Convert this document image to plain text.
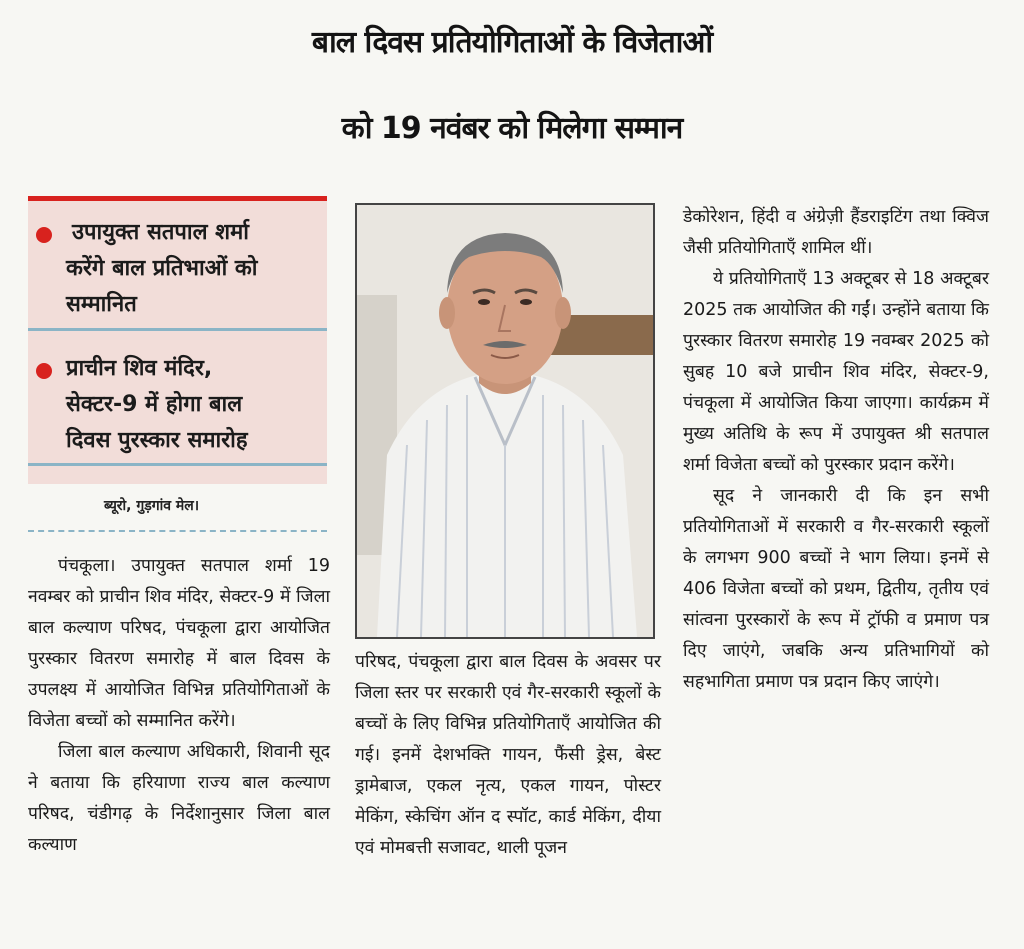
बाल दिवस प्रतियोगिताओं के विजेताओं
को 19 नवंबर को मिलेगा सम्मान
उपायुक्त सतपाल शर्मा
करेंगे बाल प्रतिभाओं को
सम्मानित
प्राचीन शिव मंदिर,
सेक्टर-9 में होगा बाल
दिवस पुरस्कार समारोह
ब्यूरो, गुड़गांव मेल।

पंचकूला। उपायुक्त सतपाल शर्मा 19 नवम्बर को प्राचीन शिव मंदिर, सेक्टर-9 में जिला बाल कल्याण परिषद, पंचकूला द्वारा आयोजित पुरस्कार वितरण समारोह में बाल दिवस के उपलक्ष्य में आयोजित विभिन्न प्रतियोगिताओं के विजेता बच्चों को सम्मानित करेंगे।

जिला बाल कल्याण अधिकारी, शिवानी सूद ने बताया कि हरियाणा राज्य बाल कल्याण परिषद, चंडीगढ़ के निर्देशानुसार जिला बाल कल्याण

परिषद, पंचकूला द्वारा बाल दिवस के अवसर पर जिला स्तर पर सरकारी एवं गैर-सरकारी स्कूलों के बच्चों के लिए विभिन्न प्रतियोगिताएँ आयोजित की गई। इनमें देशभक्ति गायन, फैंसी ड्रेस, बेस्ट ड्रामेबाज, एकल नृत्य, एकल गायन, पोस्टर मेकिंग, स्केचिंग ऑन द स्पॉट, कार्ड मेकिंग, दीया एवं मोमबत्ती सजावट, थाली पूजन

डेकोरेशन, हिंदी व अंग्रेज़ी हैंडराइटिंग तथा क्विज जैसी प्रतियोगिताएँ शामिल थीं।

ये प्रतियोगिताएँ 13 अक्टूबर से 18 अक्टूबर 2025 तक आयोजित की गईं। उन्होंने बताया कि पुरस्कार वितरण समारोह 19 नवम्बर 2025 को सुबह 10 बजे प्राचीन शिव मंदिर, सेक्टर-9, पंचकूला में आयोजित किया जाएगा। कार्यक्रम में मुख्य अतिथि के रूप में उपायुक्त श्री सतपाल शर्मा विजेता बच्चों को पुरस्कार प्रदान करेंगे।

सूद ने जानकारी दी कि इन सभी प्रतियोगिताओं में सरकारी व गैर-सरकारी स्कूलों के लगभग 900 बच्चों ने भाग लिया। इनमें से 406 विजेता बच्चों को प्रथम, द्वितीय, तृतीय एवं सांत्वना पुरस्कारों के रूप में ट्रॉफी व प्रमाण पत्र दिए जाएंगे, जबकि अन्य प्रतिभागियों को सहभागिता प्रमाण पत्र प्रदान किए जाएंगे।
